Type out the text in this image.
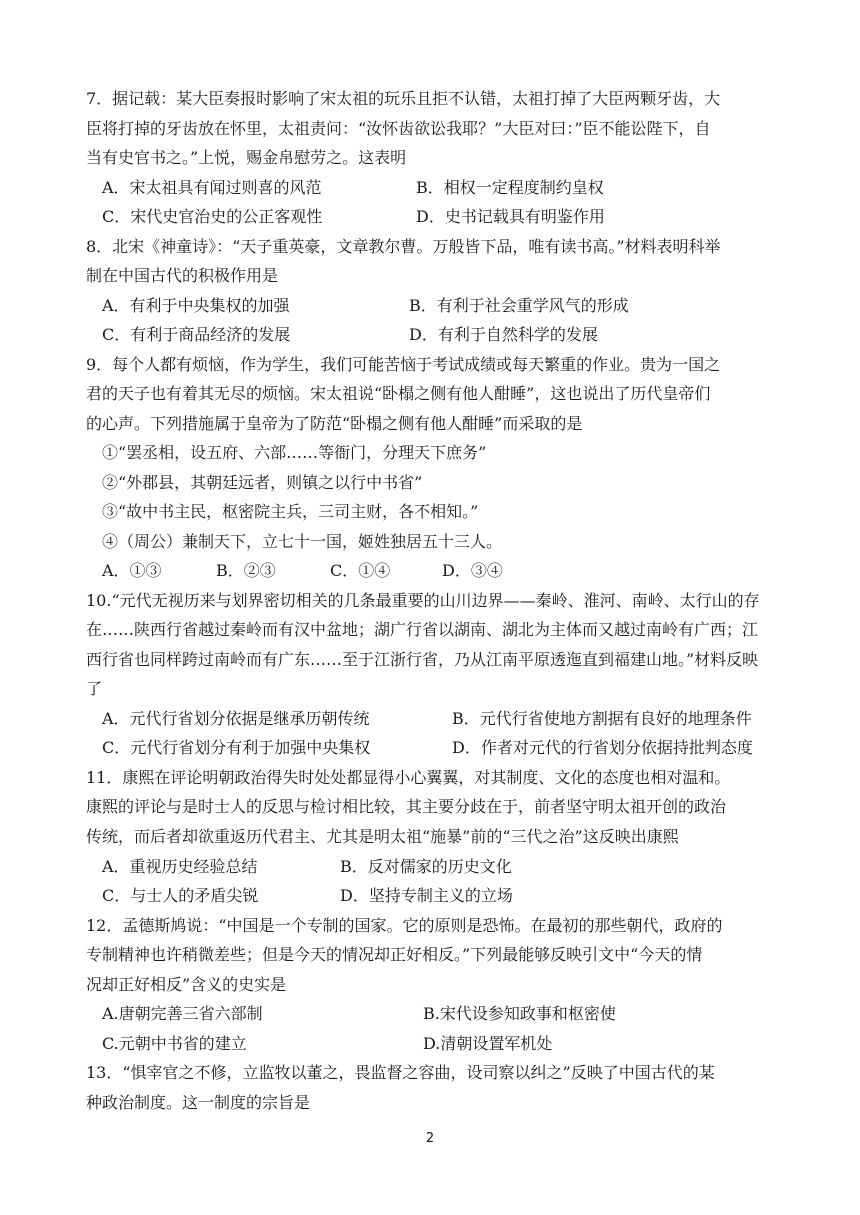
7．据记载：某大臣奏报时影响了宋太祖的玩乐且拒不认错，太祖打掉了大臣两颗牙齿，大
臣将打掉的牙齿放在怀里，太祖责问：“汝怀齿欲讼我耶？”大臣对曰：”臣不能讼陛下，自
当有史官书之。”上悦，赐金帛慰劳之。这表明
A．宋太祖具有闻过则喜的风范	B．相权一定程度制约皇权
C．宋代史官治史的公正客观性	D．史书记载具有明鉴作用
8．北宋《神童诗》：“天子重英豪，文章教尔曹。万般皆下品，唯有读书高。”材料表明科举
制在中国古代的积极作用是
A．有利于中央集权的加强	B．有利于社会重学风气的形成
C．有利于商品经济的发展	D．有利于自然科学的发展
9．每个人都有烦恼，作为学生，我们可能苦恼于考试成绩或每天繁重的作业。贵为一国之
君的天子也有着其无尽的烦恼。宋太祖说“卧榻之侧有他人酣睡”，这也说出了历代皇帝们
的心声。下列措施属于皇帝为了防范“卧榻之侧有他人酣睡”而采取的是
①“罢丞相，设五府、六部……等衙门，分理天下庶务”
②“外郡县，其朝廷远者，则镇之以行中书省”
③“故中书主民，枢密院主兵，三司主财，各不相知。”
④（周公）兼制天下，立七十一国，姬姓独居五十三人。
A．①③	B．②③	C．①④	D．③④
10.“元代无视历来与划界密切相关的几条最重要的山川边界——秦岭、淮河、南岭、太行山的存
在……陕西行省越过秦岭而有汉中盆地；湖广行省以湖南、湖北为主体而又越过南岭有广西；江
西行省也同样跨过南岭而有广东……至于江浙行省，乃从江南平原透迤直到福建山地。”材料反映
了
A．元代行省划分依据是继承历朝传统	B．元代行省使地方割据有良好的地理条件
C．元代行省划分有利于加强中央集权	D．作者对元代的行省划分依据持批判态度
11．康熙在评论明朝政治得失时处处都显得小心翼翼，对其制度、文化的态度也相对温和。
康熙的评论与是时士人的反思与检讨相比较，其主要分歧在于，前者坚守明太祖开创的政治
传统，而后者却欲重返历代君主、尤其是明太祖“施暴”前的“三代之治”这反映出康熙
A．重视历史经验总结	B．反对儒家的历史文化
C．与士人的矛盾尖锐	D．坚持专制主义的立场
12．孟德斯鸠说：“中国是一个专制的国家。它的原则是恐怖。在最初的那些朝代，政府的
专制精神也许稍微差些；但是今天的情况却正好相反。”下列最能够反映引文中“今天的情
况却正好相反”含义的史实是
A.唐朝完善三省六部制	B.宋代设参知政事和枢密使
C.元朝中书省的建立	D.清朝设置军机处
13．“惧宰官之不修，立监牧以董之，畏监督之容曲，设司察以纠之”反映了中国古代的某
种政治制度。这一制度的宗旨是
2
